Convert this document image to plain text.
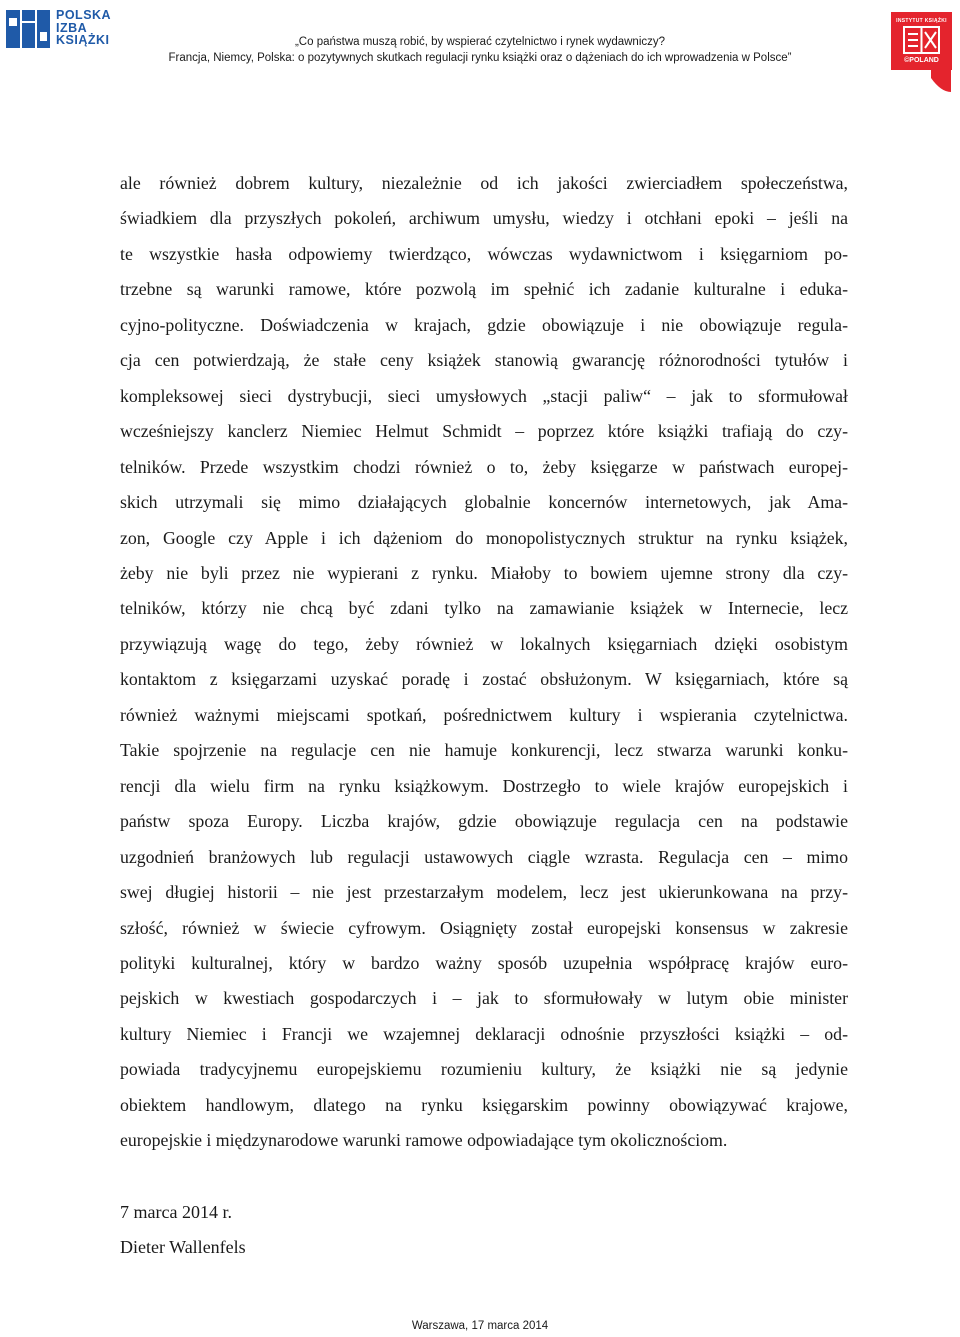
POLSKA
IZBA
KSIĄŻKI	„Co państwa muszą robić, by wspierać czytelnictwo i rynek wydawniczy?
Francja, Niemcy, Polska: o pozytywnych skutkach regulacji rynku książki oraz o dążeniach do ich wprowadzenia w Polsce”
INSTYTUT KSIĄŻKI
©POLAND
ale również dobrem kultury, niezależnie od ich jakości zwierciadłem społeczeństwa,
świadkiem dla przyszłych pokoleń, archiwum umysłu, wiedzy i otchłani epoki – jeśli na
te wszystkie hasła odpowiemy twierdząco, wówczas wydawnictwom i księgarniom po-
trzebne są warunki ramowe, które pozwolą im spełnić ich zadanie kulturalne i eduka-
cyjno-polityczne. Doświadczenia w krajach, gdzie obowiązuje i nie obowiązuje regula-
cja cen potwierdzają, że stałe ceny książek stanowią gwarancję różnorodności tytułów i
kompleksowej sieci dystrybucji, sieci umysłowych „stacji paliw“ – jak to sformułował
wcześniejszy kanclerz Niemiec Helmut Schmidt – poprzez które książki trafiają do czy-
telników. Przede wszystkim chodzi również o to, żeby księgarze w państwach europej-
skich utrzymali się mimo działających globalnie koncernów internetowych, jak Ama-
zon, Google czy Apple i ich dążeniom do monopolistycznych struktur na rynku książek,
żeby nie byli przez nie wypierani z rynku. Miałoby to bowiem ujemne strony dla czy-
telników, którzy nie chcą być zdani tylko na zamawianie książek w Internecie, lecz
przywiązują wagę do tego, żeby również w lokalnych księgarniach dzięki osobistym
kontaktom z księgarzami uzyskać poradę i zostać obsłużonym. W księgarniach, które są
również ważnymi miejscami spotkań, pośrednictwem kultury i wspierania czytelnictwa.
Takie spojrzenie na regulacje cen nie hamuje konkurencji, lecz stwarza warunki konku-
rencji dla wielu firm na rynku książkowym. Dostrzegło to wiele krajów europejskich i
państw spoza Europy. Liczba krajów, gdzie obowiązuje regulacja cen na podstawie
uzgodnień branżowych lub regulacji ustawowych ciągle wzrasta. Regulacja cen – mimo
swej długiej historii – nie jest przestarzałym modelem, lecz jest ukierunkowana na przy-
szłość, również w świecie cyfrowym. Osiągnięty został europejski konsensus w zakresie
polityki kulturalnej, który w bardzo ważny sposób uzupełnia współpracę krajów euro-
pejskich w kwestiach gospodarczych i – jak to sformułowały w lutym obie minister
kultury Niemiec i Francji we wzajemnej deklaracji odnośnie przyszłości książki – od-
powiada tradycyjnemu europejskiemu rozumieniu kultury, że książki nie są jedynie
obiektem handlowym, dlatego na rynku księgarskim powinny obowiązywać krajowe,
europejskie i międzynarodowe warunki ramowe odpowiadające tym okolicznościom.
7 marca 2014 r.
Dieter Wallenfels
Warszawa, 17 marca 2014
